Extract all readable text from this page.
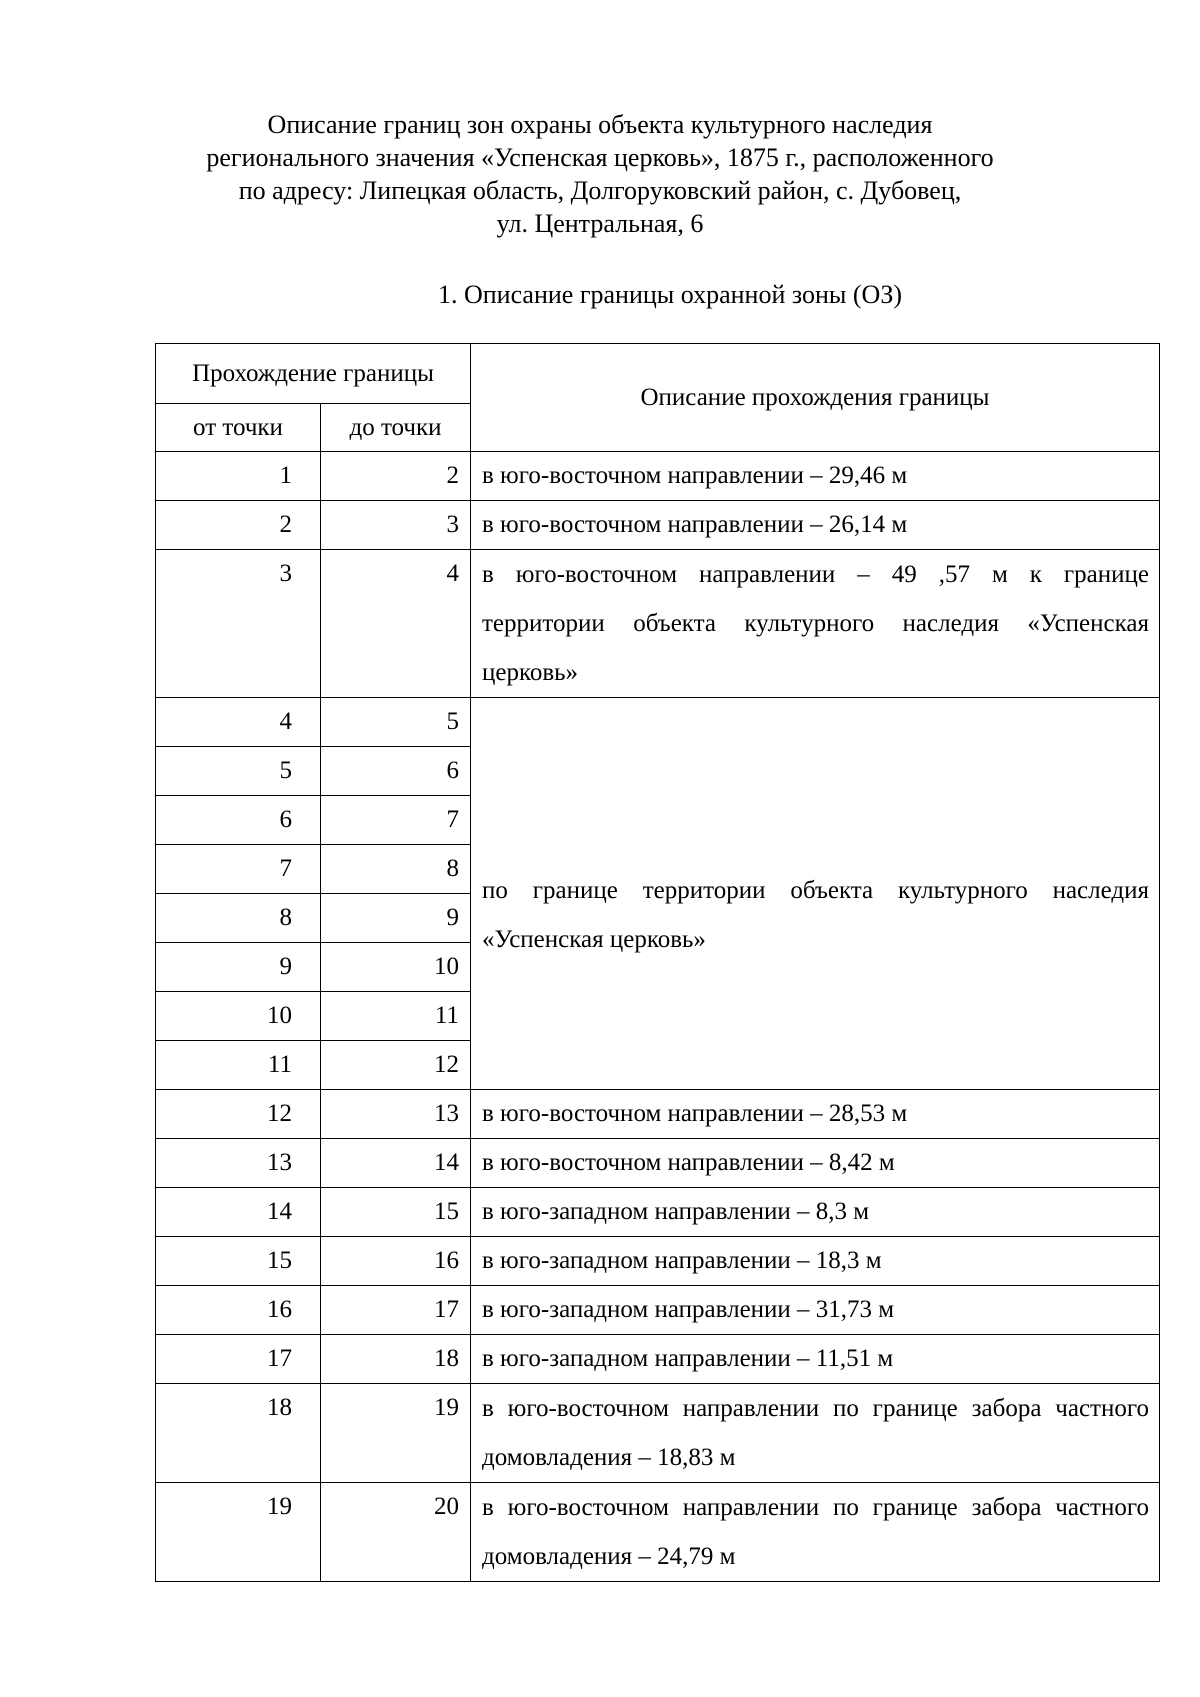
Описание границ зон охраны объекта культурного наследия
регионального значения «Успенская церковь», 1875 г., расположенного
по адресу: Липецкая область, Долгоруковский район, с. Дубовец,
ул. Центральная, 6
1. Описание границы охранной зоны (ОЗ)
Прохождение границы		Описание прохождения границы
от точки	до точки	
1	2	в юго-восточном направлении – 29,46 м
2	3	в юго-восточном направлении – 26,14 м
3	4	в юго-восточном направлении – 49 ,57 м к границе территории объекта культурного наследия «Успенская церковь»
4	5	по границе территории объекта культурного наследия «Успенская церковь»
5	6	
6	7	
7	8	
8	9	
9	10	
10	11	
11	12	
12	13	в юго-восточном направлении – 28,53 м
13	14	в юго-восточном направлении – 8,42 м
14	15	в юго-западном направлении – 8,3 м
15	16	в юго-западном направлении – 18,3 м
16	17	в юго-западном направлении – 31,73 м
17	18	в юго-западном направлении – 11,51 м
18	19	в юго-восточном направлении по границе забора частного домовладения – 18,83 м
19	20	в юго-восточном направлении по границе забора частного домовладения – 24,79 м
